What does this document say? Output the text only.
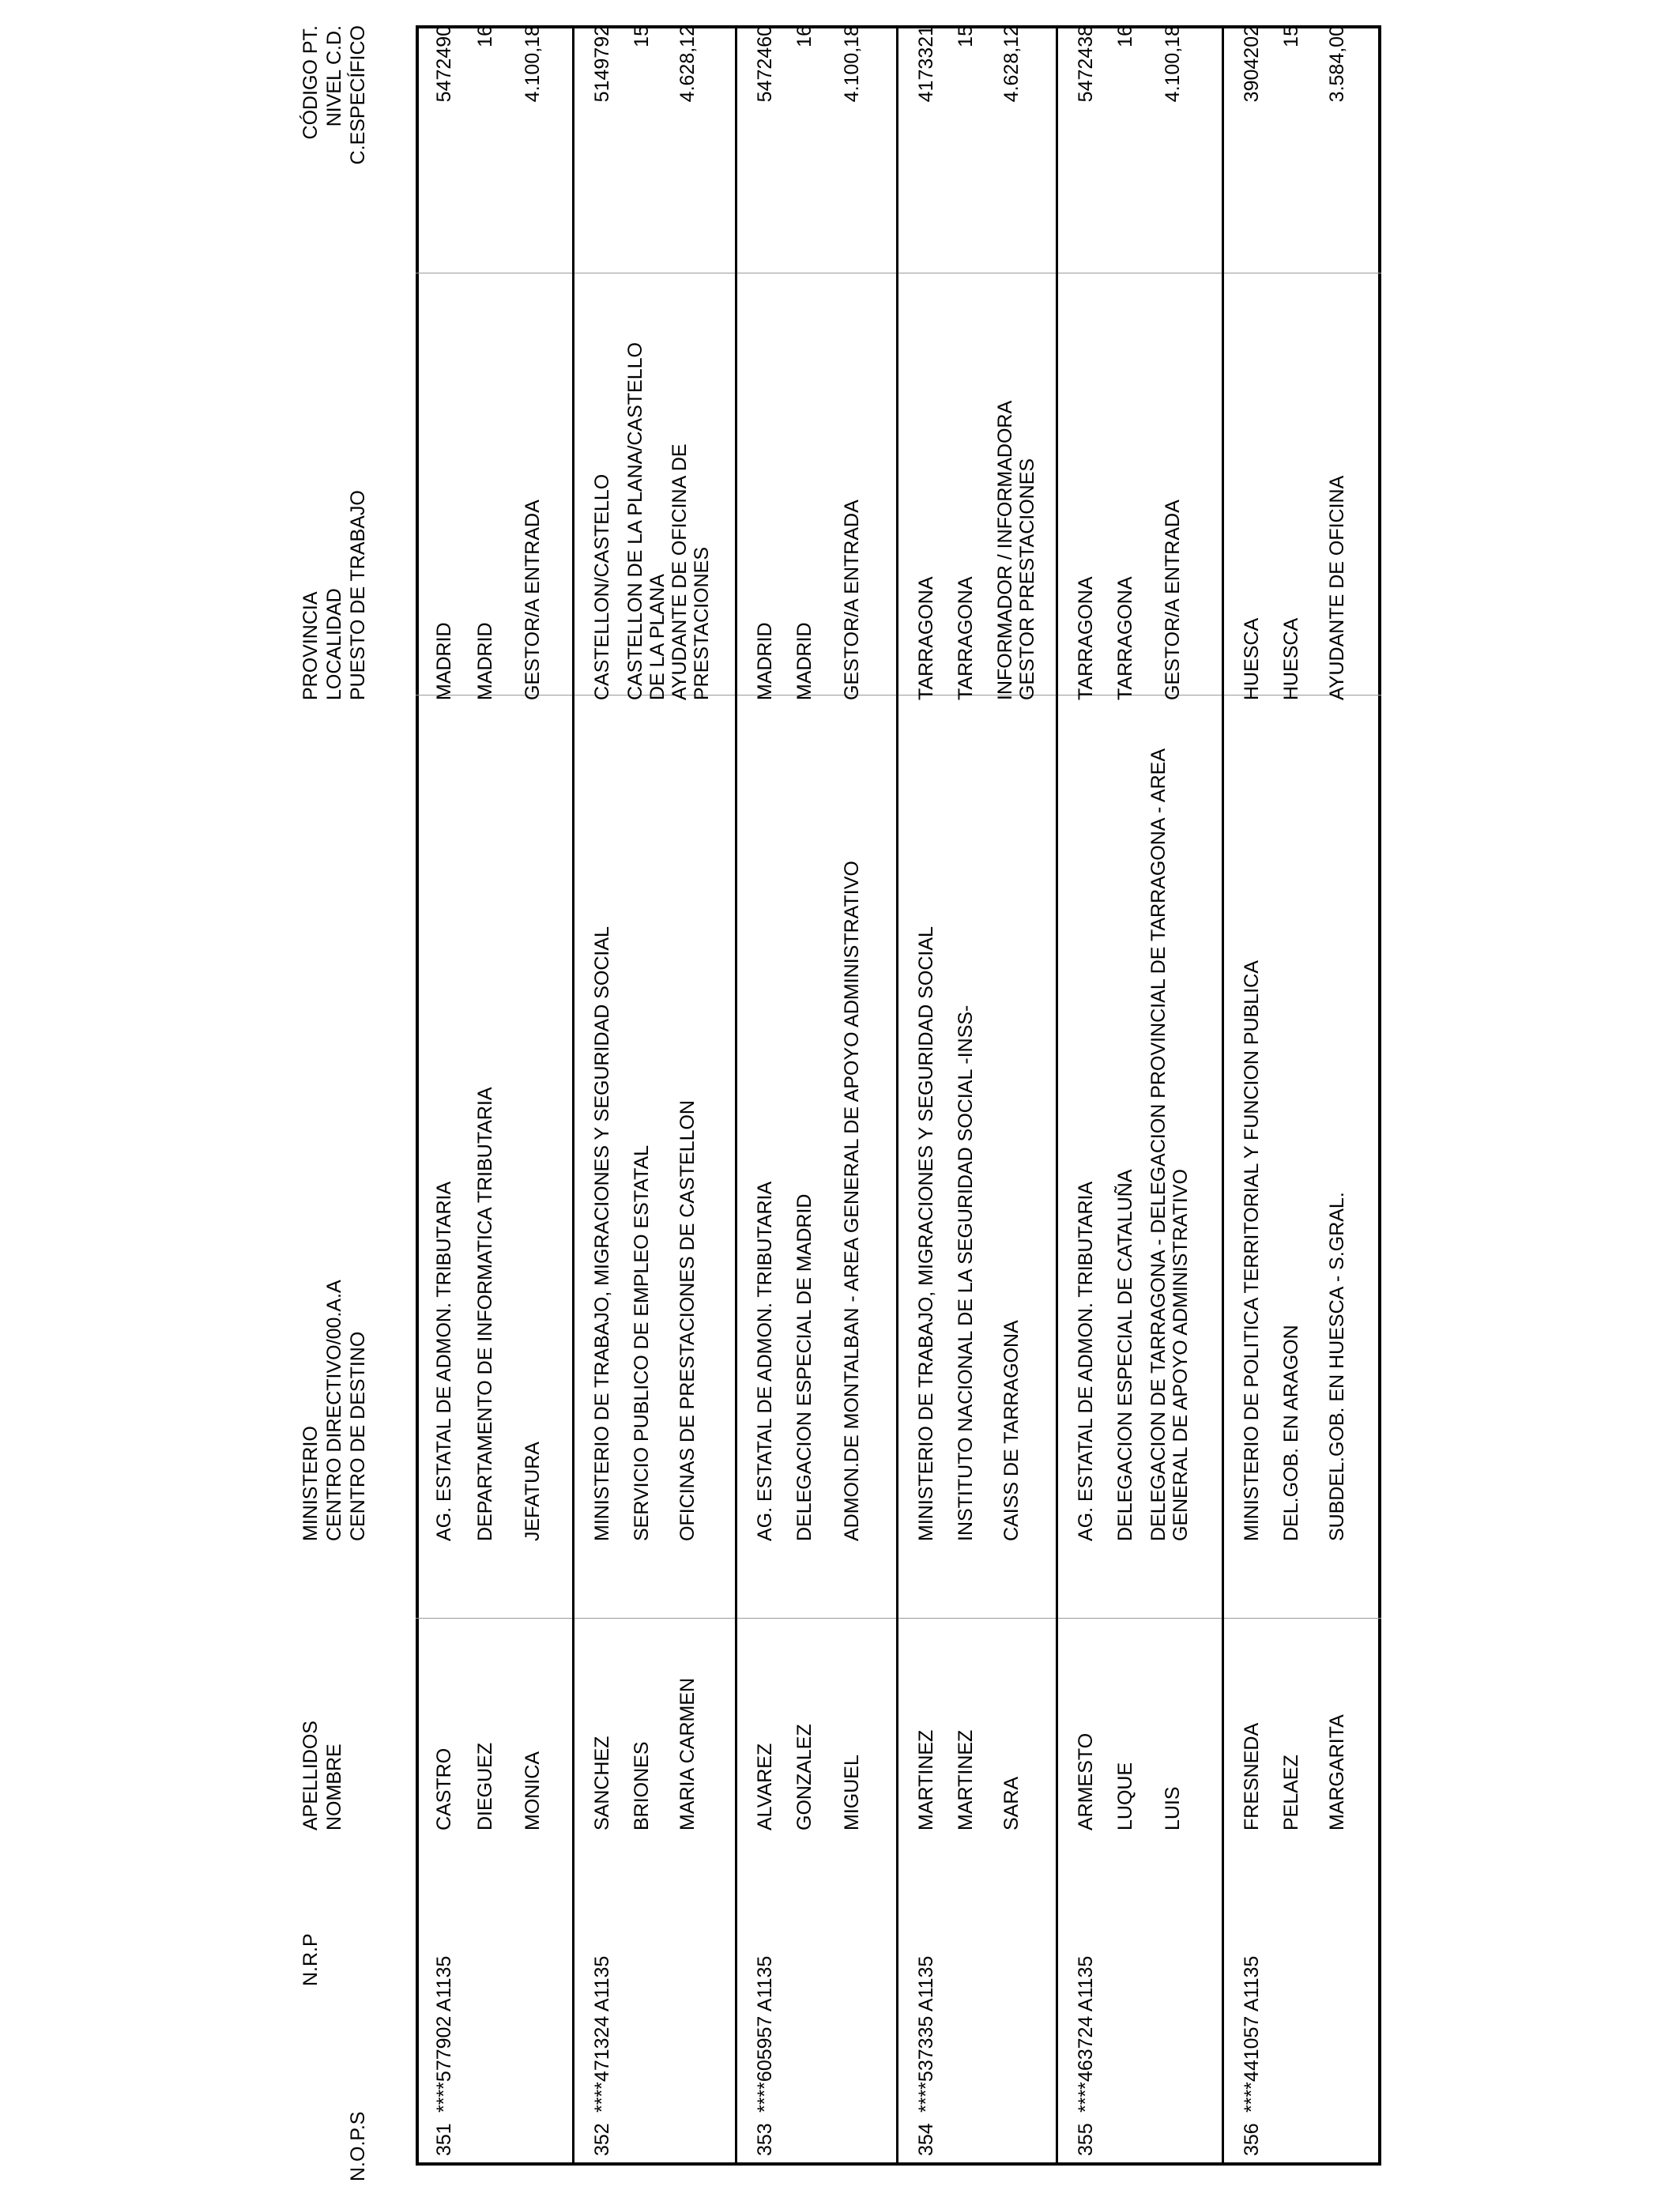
N.O.P.S
N.R.P
APELLIDOS NOMBRE
MINISTERIO CENTRO DIRECTIVO/00.A.A CENTRO DE DESTINO
PROVINCIA LOCALIDAD PUESTO DE TRABAJO
CÓDIGO PT. NIVEL C.D. C.ESPECÍFICO
351
****577902 A1135
CASTRO DIEGUEZ MONICA
AG. ESTATAL DE ADMON. TRIBUTARIA DEPARTAMENTO DE INFORMATICA TRIBUTARIA JEFATURA
MADRID MADRID GESTOR/A ENTRADA
5472490 16 4.100,18
352
****471324 A1135
SANCHEZ BRIONES MARIA CARMEN
MINISTERIO DE TRABAJO, MIGRACIONES Y SEGURIDAD SOCIAL SERVICIO PUBLICO DE EMPLEO ESTATAL OFICINAS DE PRESTACIONES DE CASTELLON
CASTELLON/CASTELLO CASTELLON DE LA PLANA/CASTELLO DE LA PLANA AYUDANTE DE OFICINA DE PRESTACIONES
5149792 15 4.628,12
353
****605957 A1135
ALVAREZ GONZALEZ MIGUEL
AG. ESTATAL DE ADMON. TRIBUTARIA DELEGACION ESPECIAL DE MADRID ADMON.DE MONTALBAN - AREA GENERAL DE APOYO ADMINISTRATIVO
MADRID MADRID GESTOR/A ENTRADA
5472460 16 4.100,18
354
****537335 A1135
MARTINEZ MARTINEZ SARA
MINISTERIO DE TRABAJO, MIGRACIONES Y SEGURIDAD SOCIAL INSTITUTO NACIONAL DE LA SEGURIDAD SOCIAL -INSS- CAISS DE TARRAGONA
TARRAGONA TARRAGONA INFORMADOR / INFORMADORA GESTOR PRESTACIONES
4173321 15 4.628,12
355
****463724 A1135
ARMESTO LUQUE LUIS
AG. ESTATAL DE ADMON. TRIBUTARIA DELEGACION ESPECIAL DE CATALUÑA DELEGACION DE TARRAGONA - DELEGACION PROVINCIAL DE TARRAGONA - AREA GENERAL DE APOYO ADMINISTRATIVO
TARRAGONA TARRAGONA GESTOR/A ENTRADA
5472438 16 4.100,18
356
****441057 A1135
FRESNEDA PELAEZ MARGARITA
MINISTERIO DE POLITICA TERRITORIAL Y FUNCION PUBLICA DEL.GOB. EN ARAGON SUBDEL.GOB. EN HUESCA - S.GRAL.
HUESCA HUESCA AYUDANTE DE OFICINA
3904202 15 3.584,00
